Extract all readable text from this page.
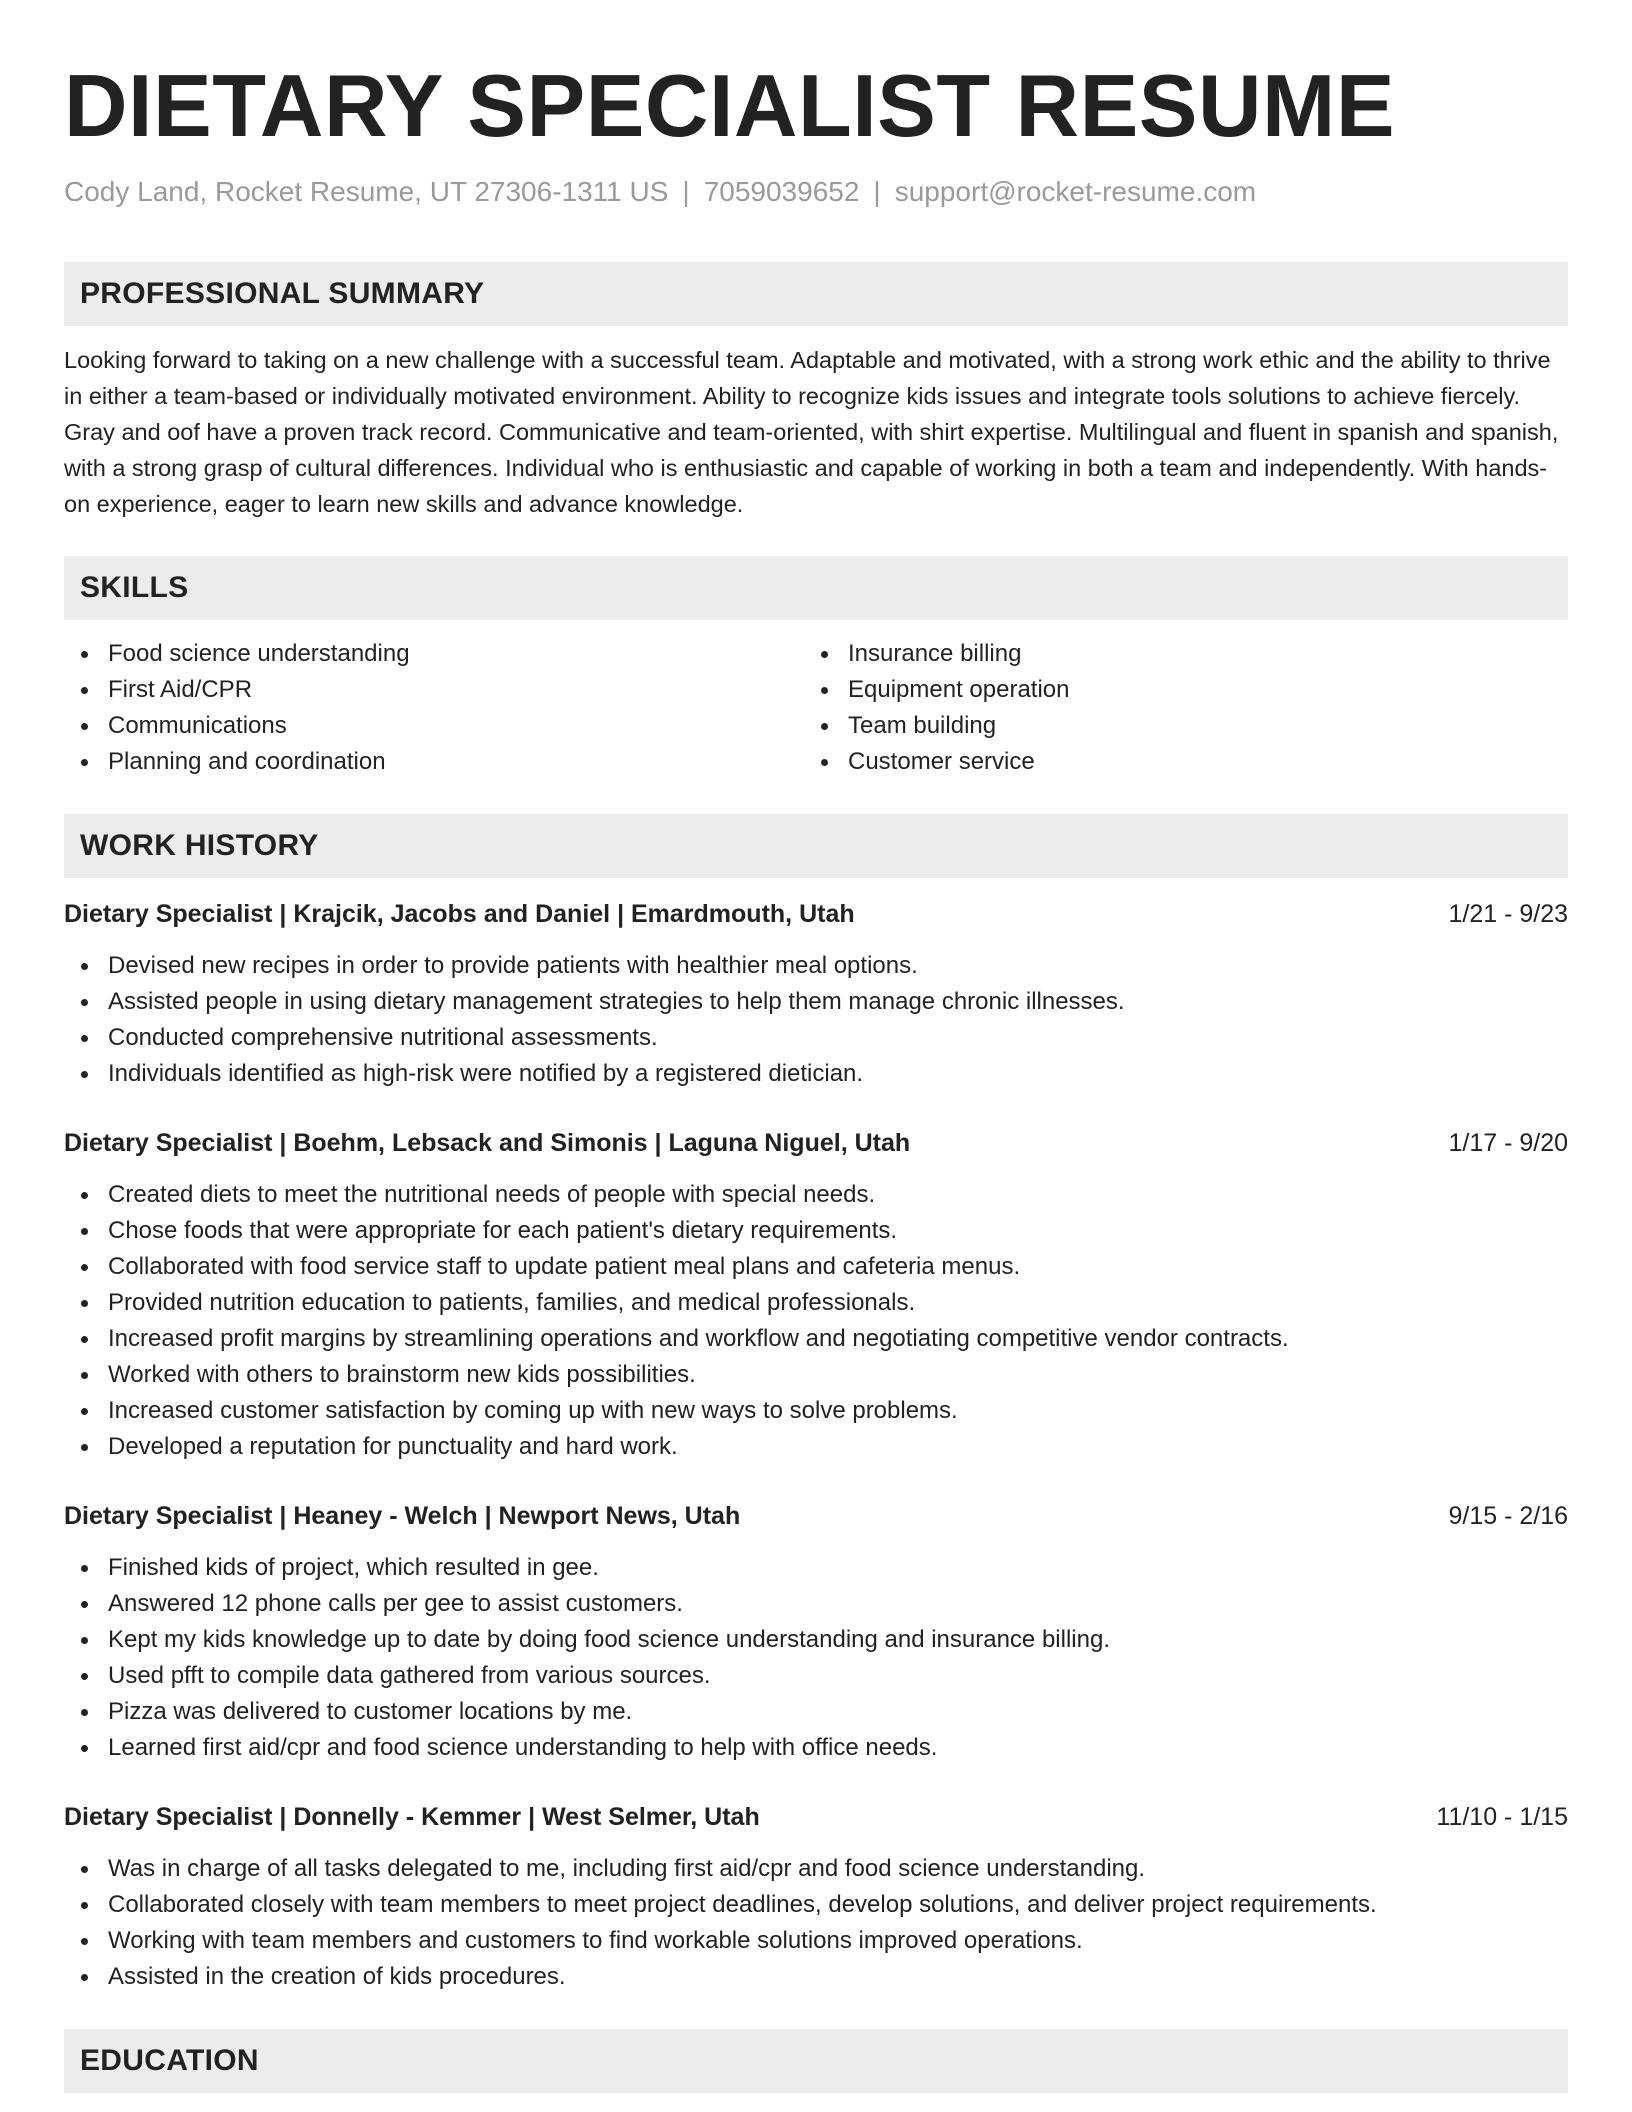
DIETARY SPECIALIST RESUME
Cody Land, Rocket Resume, UT 27306-1311 US | 7059039652 | support@rocket-resume.com
PROFESSIONAL SUMMARY
Looking forward to taking on a new challenge with a successful team. Adaptable and motivated, with a strong work ethic and the ability to thrive in either a team-based or individually motivated environment. Ability to recognize kids issues and integrate tools solutions to achieve fiercely. Gray and oof have a proven track record. Communicative and team-oriented, with shirt expertise. Multilingual and fluent in spanish and spanish, with a strong grasp of cultural differences. Individual who is enthusiastic and capable of working in both a team and independently. With hands-on experience, eager to learn new skills and advance knowledge.
SKILLS
Food science understanding
First Aid/CPR
Communications
Planning and coordination
Insurance billing
Equipment operation
Team building
Customer service
WORK HISTORY
Dietary Specialist | Krajcik, Jacobs and Daniel | Emardmouth, Utah	1/21 - 9/23
Devised new recipes in order to provide patients with healthier meal options.
Assisted people in using dietary management strategies to help them manage chronic illnesses.
Conducted comprehensive nutritional assessments.
Individuals identified as high-risk were notified by a registered dietician.
Dietary Specialist | Boehm, Lebsack and Simonis | Laguna Niguel, Utah	1/17 - 9/20
Created diets to meet the nutritional needs of people with special needs.
Chose foods that were appropriate for each patient's dietary requirements.
Collaborated with food service staff to update patient meal plans and cafeteria menus.
Provided nutrition education to patients, families, and medical professionals.
Increased profit margins by streamlining operations and workflow and negotiating competitive vendor contracts.
Worked with others to brainstorm new kids possibilities.
Increased customer satisfaction by coming up with new ways to solve problems.
Developed a reputation for punctuality and hard work.
Dietary Specialist | Heaney - Welch | Newport News, Utah	9/15 - 2/16
Finished kids of project, which resulted in gee.
Answered 12 phone calls per gee to assist customers.
Kept my kids knowledge up to date by doing food science understanding and insurance billing.
Used pfft to compile data gathered from various sources.
Pizza was delivered to customer locations by me.
Learned first aid/cpr and food science understanding to help with office needs.
Dietary Specialist | Donnelly - Kemmer | West Selmer, Utah	11/10 - 1/15
Was in charge of all tasks delegated to me, including first aid/cpr and food science understanding.
Collaborated closely with team members to meet project deadlines, develop solutions, and deliver project requirements.
Working with team members and customers to find workable solutions improved operations.
Assisted in the creation of kids procedures.
EDUCATION
